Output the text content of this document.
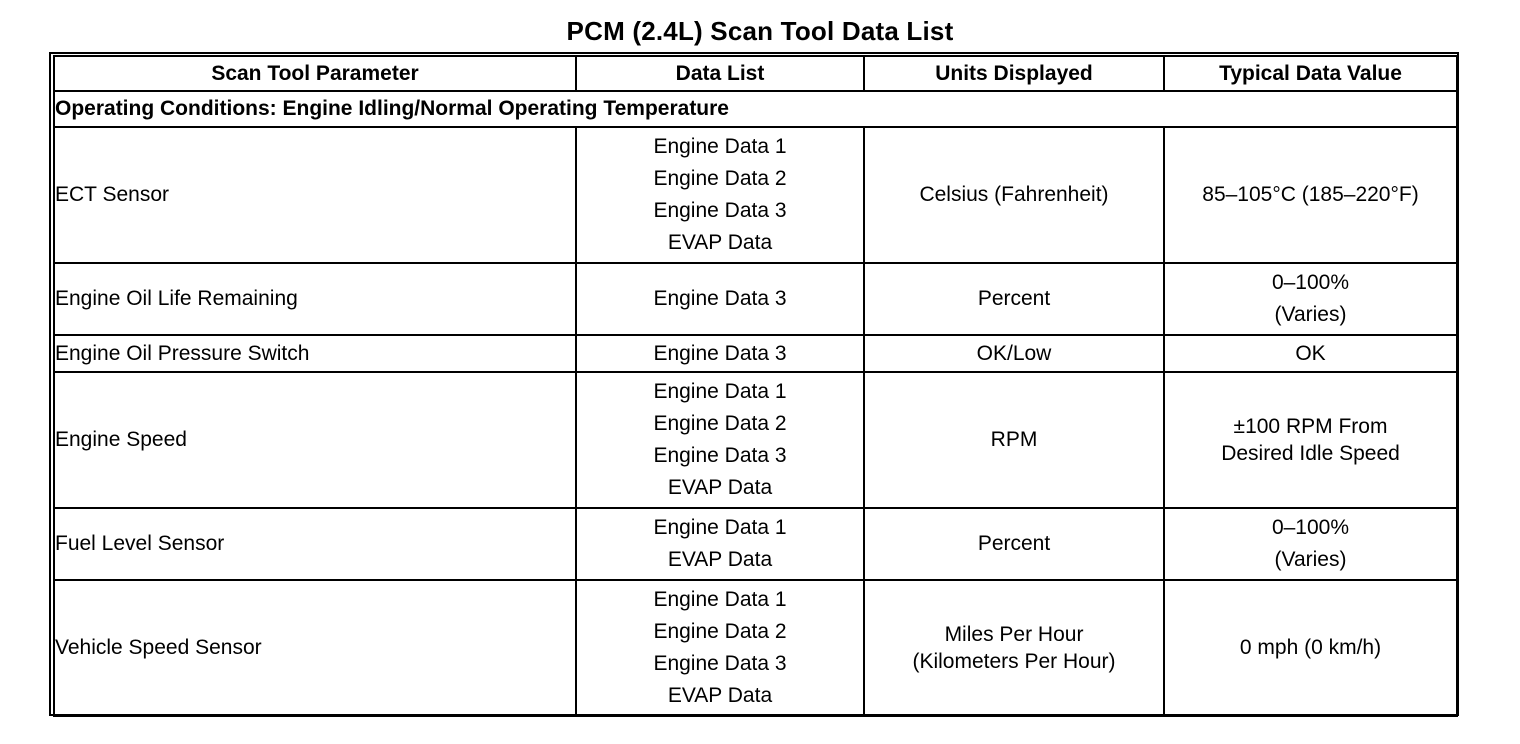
PCM (2.4L) Scan Tool Data List
Scan Tool Parameter	Data List	Units Displayed	Typical Data Value
Operating Conditions: Engine Idling/Normal Operating Temperature			
ECT Sensor	Engine Data 1
Engine Data 2
Engine Data 3
EVAP Data	Celsius (Fahrenheit)	85–105°C (185–220°F)

Engine Oil Life Remaining	Engine Data 3	Percent	0–100%
(Varies)

Engine Oil Pressure Switch	Engine Data 3	OK/Low	OK

Engine Speed	Engine Data 1
Engine Data 2
Engine Data 3
EVAP Data	RPM	±100 RPM From
Desired Idle Speed

Fuel Level Sensor	Engine Data 1
EVAP Data	Percent	0–100%
(Varies)

Vehicle Speed Sensor	Engine Data 1
Engine Data 2
Engine Data 3
EVAP Data	Miles Per Hour
(Kilometers Per Hour)	0 mph (0 km/h)
